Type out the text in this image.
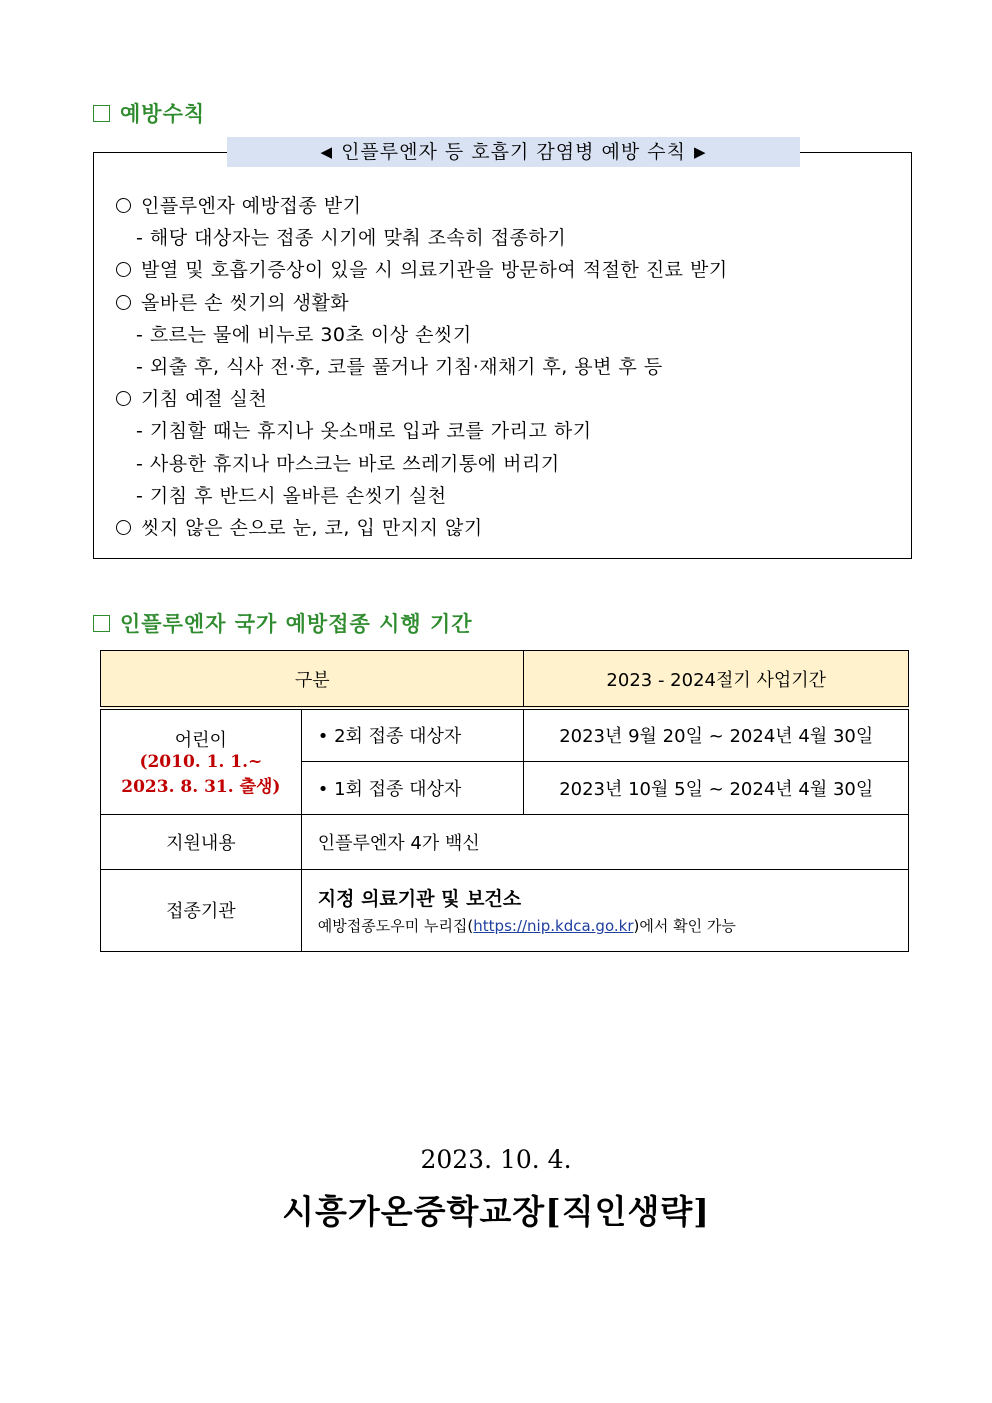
예방수칙
◀ 인플루엔자 등 호흡기 감염병 예방 수칙 ▶
인플루엔자 예방접종 받기
- 해당 대상자는 접종 시기에 맞춰 조속히 접종하기
발열 및 호흡기증상이 있을 시 의료기관을 방문하여 적절한 진료 받기
올바른 손 씻기의 생활화
- 흐르는 물에 비누로 30초 이상 손씻기
- 외출 후, 식사 전·후, 코를 풀거나 기침·재채기 후, 용변 후 등
기침 예절 실천
- 기침할 때는 휴지나 옷소매로 입과 코를 가리고 하기
- 사용한 휴지나 마스크는 바로 쓰레기통에 버리기
- 기침 후 반드시 올바른 손씻기 실천
씻지 않은 손으로 눈, 코, 입 만지지 않기
인플루엔자 국가 예방접종 시행 기간
구분		2023 - 2024절기 사업기간

어린이
(2010. 1. 1.~
2023. 8. 31. 출생)	• 2회 접종 대상자	2023년 9월 20일 ~ 2024년 4월 30일
	• 1회 접종 대상자	2023년 10월 5일 ~ 2024년 4월 30일
지원내용	인플루엔자 4가 백신	
접종기관	지정 의료기관 및 보건소
예방접종도우미 누리집(https://nip.kdca.go.kr)에서 확인 가능	
2023. 10. 4.
시흥가온중학교장[직인생략]
